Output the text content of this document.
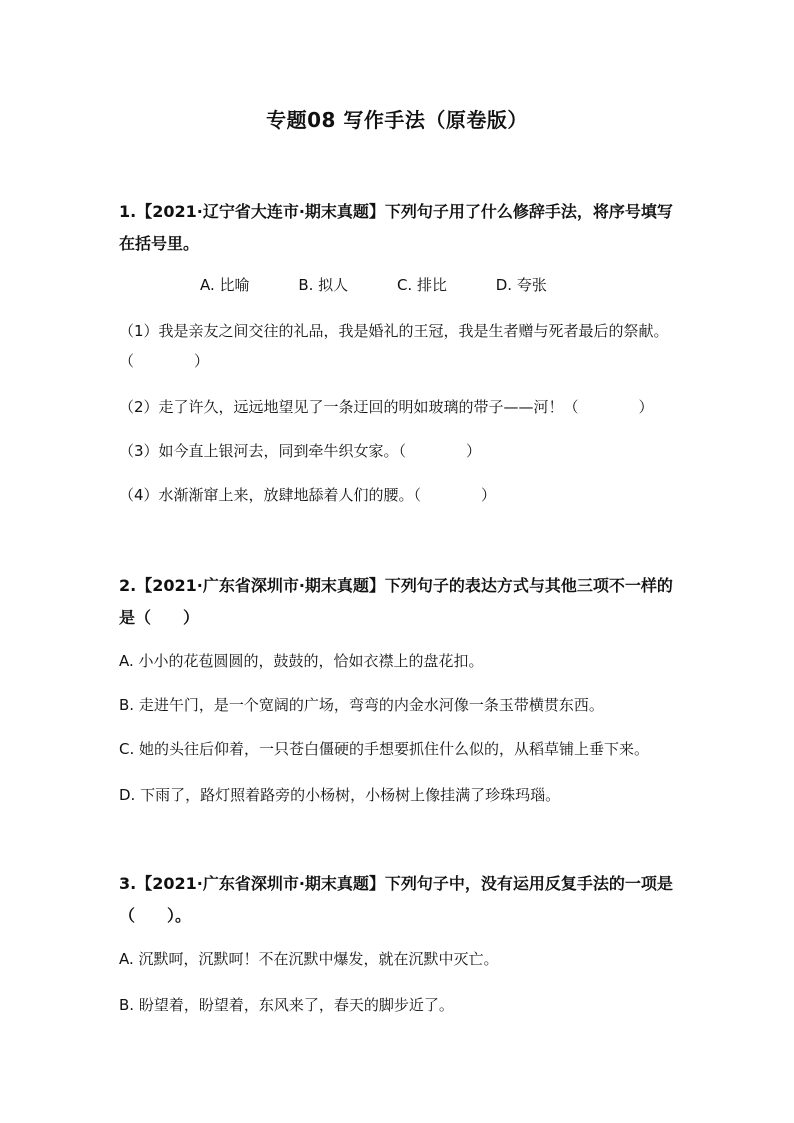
专题08 写作手法（原卷版）
1.【2021·辽宁省大连市·期末真题】下列句子用了什么修辞手法，将序号填写在括号里。
A. 比喻	B. 拟人	C. 排比	D. 夸张
（1）我是亲友之间交往的礼品，我是婚礼的王冠，我是生者赠与死者最后的祭献。（　　　　）
（2）走了许久，远远地望见了一条迂回的明如玻璃的带子——河！（　　　　）
（3）如今直上银河去，同到牵牛织女家。（　　　　）
（4）水渐渐窜上来，放肆地舔着人们的腰。（　　　　）
2.【2021·广东省深圳市·期末真题】下列句子的表达方式与其他三项不一样的是（　　）
A. 小小的花苞圆圆的，鼓鼓的，恰如衣襟上的盘花扣。
B. 走进午门，是一个宽阔的广场，弯弯的内金水河像一条玉带横贯东西。
C. 她的头往后仰着，一只苍白僵硬的手想要抓住什么似的，从稻草铺上垂下来。
D. 下雨了，路灯照着路旁的小杨树，小杨树上像挂满了珍珠玛瑙。
3.【2021·广东省深圳市·期末真题】下列句子中，没有运用反复手法的一项是（　　）。
A. 沉默呵，沉默呵！不在沉默中爆发，就在沉默中灭亡。
B. 盼望着，盼望着，东风来了，春天的脚步近了。
